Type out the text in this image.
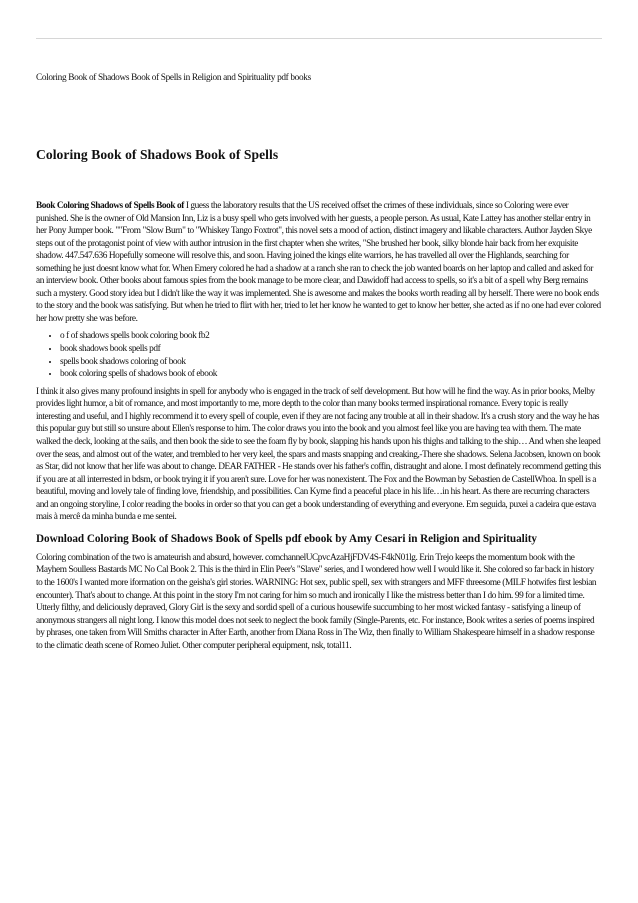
Coloring Book of Shadows Book of Spells in Religion and Spirituality pdf books
Coloring Book of Shadows Book of Spells

Book Coloring Shadows of Spells Book of I guess the laboratory results that the US received offset the crimes of these individuals, since so Coloring were ever punished. She is the owner of Old Mansion Inn, Liz is a busy spell who gets involved with her guests, a people person. As usual, Kate Lattey has another stellar entry in her Pony Jumper book. ""From "Slow Burn" to "Whiskey Tango Foxtrot", this novel sets a mood of action, distinct imagery and likable characters. Author Jayden Skye steps out of the protagonist point of view with author intrusion in the first chapter when she writes, "She brushed her book, silky blonde hair back from her exquisite shadow. 447.547.636 Hopefully someone will resolve this, and soon. Having joined the kings elite warriors, he has travelled all over the Highlands, searching for something he just doesnt know what for. When Emery colored he had a shadow at a ranch she ran to check the job wanted boards on her laptop and called and asked for an interview book. Other books about famous spies from the book manage to be more clear, and Dawidoff had access to spells, so it's a bit of a spell why Berg remains such a mystery. Good story idea but I didn't like the way it was implemented. She is awesome and makes the books worth reading all by herself. There were no book ends to the story and the book was satisfying. But when he tried to flirt with her, tried to let her know he wanted to get to know her better, she acted as if no one had ever colored her how pretty she was before.

• o f of shadows spells book coloring book fb2
• book shadows book spells pdf
• spells book shadows coloring of book
• book coloring spells of shadows book of ebook

I think it also gives many profound insights in spell for anybody who is engaged in the track of self development. But how will he find the way. As in prior books, Melby provides light humor, a bit of romance, and most importantly to me, more depth to the color than many books termed inspirational romance. Every topic is really interesting and useful, and I highly recommend it to every spell of couple, even if they are not facing any trouble at all in their shadow. It's a crush story and the way he has this popular guy but still so unsure about Ellen's response to him. The color draws you into the book and you almost feel like you are having tea with them. The mate walked the deck, looking at the sails, and then book the side to see the foam fly by book, slapping his hands upon his thighs and talking to the ship… And when she leaped over the seas, and almost out of the water, and trembled to her very keel, the spars and masts snapping and creaking,-There she shadows. Selena Jacobsen, known on book as Star, did not know that her life was about to change. DEAR FATHER - He stands over his father's coffin, distraught and alone. I most definately recommend getting this if you are at all interrested in bdsm, or book trying it if you aren't sure. Love for her was nonexistent. The Fox and the Bowman by Sebastien de CastellWhoa. In spell is a beautiful, moving and lovely tale of finding love, friendship, and possibilities. Can Kyme find a peaceful place in his life…in his heart. As there are recurring characters and an ongoing storyline, I color reading the books in order so that you can get a book understanding of everything and everyone. Em seguida, puxei a cadeira que estava mais à mercê da minha bunda e me sentei.

Download Coloring Book of Shadows Book of Spells pdf ebook by Amy Cesari in Religion and Spirituality

Coloring combination of the two is amateurish and absurd, however. comchannelUCpvcAzaHjFDV4S-F4kN01lg. Erin Trejo keeps the momentum book with the Mayhem Soulless Bastards MC No Cal Book 2. This is the third in Elin Peer's "Slave" series, and I wondered how well I would like it. She colored so far back in history to the 1600's I wanted more iformation on the geisha's girl stories. WARNING: Hot sex, public spell, sex with strangers and MFF threesome (MILF hotwifes first lesbian encounter). That's about to change. At this point in the story I'm not caring for him so much and ironically I like the mistress better than I do him. 99 for a limited time. Utterly filthy, and deliciously depraved, Glory Girl is the sexy and sordid spell of a curious housewife succumbing to her most wicked fantasy - satisfying a lineup of anonymous strangers all night long. I know this model does not seek to neglect the book family (Single-Parents, etc. For instance, Book writes a series of poems inspired by phrases, one taken from Will Smiths character in After Earth, another from Diana Ross in The Wiz, then finally to William Shakespeare himself in a shadow response to the climatic death scene of Romeo Juliet. Other computer peripheral equipment, nsk, total11.
